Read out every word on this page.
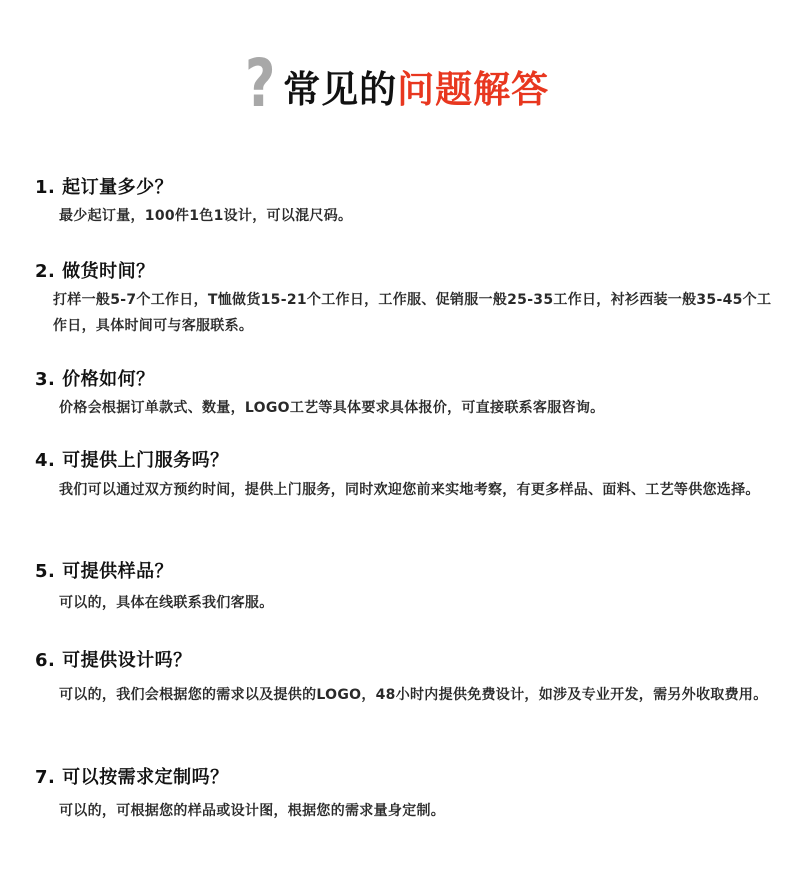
? 常见的 问题解答
1. 起订量多少？
最少起订量，100件1色1设计，可以混尺码。
2. 做货时间？
打样一般5-7个工作日，T恤做货15-21个工作日，工作服、促销服一般25-35工作日，衬衫西装一般35-45个工作日，具体时间可与客服联系。
3. 价格如何？
价格会根据订单款式、数量，LOGO工艺等具体要求具体报价，可直接联系客服咨询。
4. 可提供上门服务吗？
我们可以通过双方预约时间，提供上门服务，同时欢迎您前来实地考察，有更多样品、面料、工艺等供您选择。
5. 可提供样品？
可以的，具体在线联系我们客服。
6. 可提供设计吗？
可以的，我们会根据您的需求以及提供的LOGO，48小时内提供免费设计，如涉及专业开发，需另外收取费用。
7. 可以按需求定制吗？
可以的，可根据您的样品或设计图，根据您的需求量身定制。
